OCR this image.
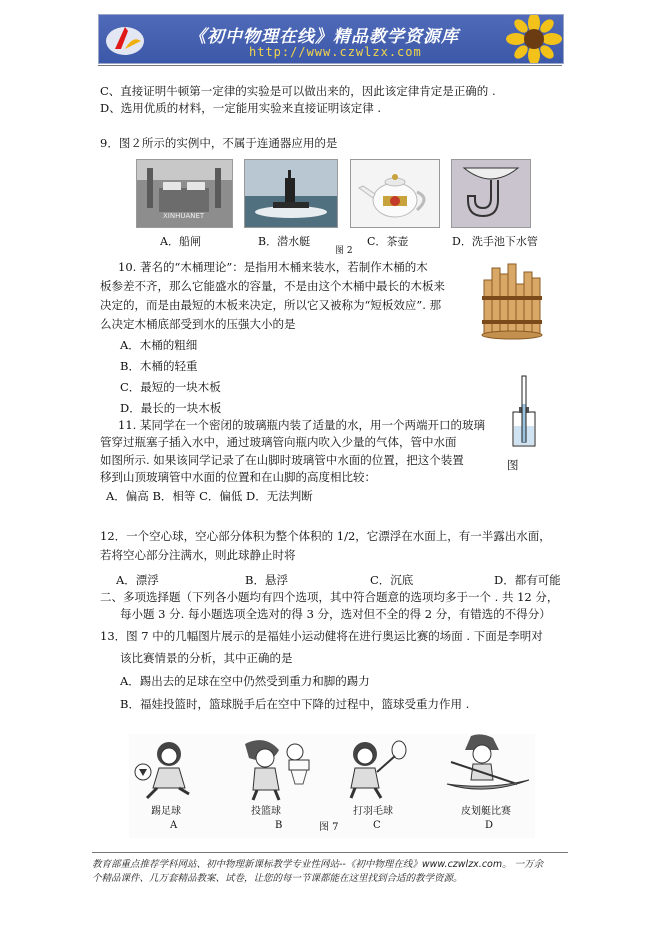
《初中物理在线》精品教学资源库
http://www.czwlzx.com
C、直接证明牛顿第一定律的实验是可以做出来的，因此该定律肯定是正确的 .
D、选用优质的材料，一定能用实验来直接证明该定律 .
9．图２所示的实例中，不属于连通器应用的是
XINHUANET
A．船闸	B．潜水艇	C．茶壶	D．洗手池下水管
图 2
10. 著名的“木桶理论”：是指用木桶来装水，若制作木桶的木
板参差不齐，那么它能盛水的容量，不是由这个木桶中最长的木板来
决定的，而是由最短的木板来决定，所以它又被称为“短板效应”. 那
么决定木桶底部受到水的压强大小的是
A．木桶的粗细
B．木桶的轻重
C．最短的一块木板
D．最长的一块木板
11. 某同学在一个密闭的玻璃瓶内装了适量的水，用一个两端开口的玻璃
管穿过瓶塞子插入水中，通过玻璃管向瓶内吹入少量的气体，管中水面
如图所示. 如果该同学记录了在山脚时玻璃管中水面的位置，把这个装置
移到山顶玻璃管中水面的位置和在山脚的高度相比较：
A．偏高 B．相等 C．偏低 D．无法判断
图
12．一个空心球，空心部分体积为整个体积的 1/2，它漂浮在水面上，有一半露出水面，
若将空心部分注满水，则此球静止时将
A．漂浮	B．悬浮	C．沉底	D．都有可能
二、多项选择题（下列各小题均有四个选项，其中符合题意的选项均多于一个 . 共 12 分，
每小题 3 分. 每小题选项全选对的得 3 分，选对但不全的得 2 分，有错选的不得分）
13．图 7 中的几幅图片展示的是福娃小运动健将在进行奥运比赛的场面 . 下面是李明对
该比赛情景的分析，其中正确的是
A．踢出去的足球在空中仍然受到重力和脚的踢力
B．福娃投篮时，篮球脱手后在空中下降的过程中，篮球受重力作用 .
踢足球	投篮球	打羽毛球	皮划艇比赛
A	B	C	D
图 7
教育部重点推荐学科网站、初中物理新课标教学专业性网站--《初中物理在线》www.czwlzx.com。 一万余
个精品课件、几万套精品教案、试卷，让您的每一节课都能在这里找到合适的教学资源。
